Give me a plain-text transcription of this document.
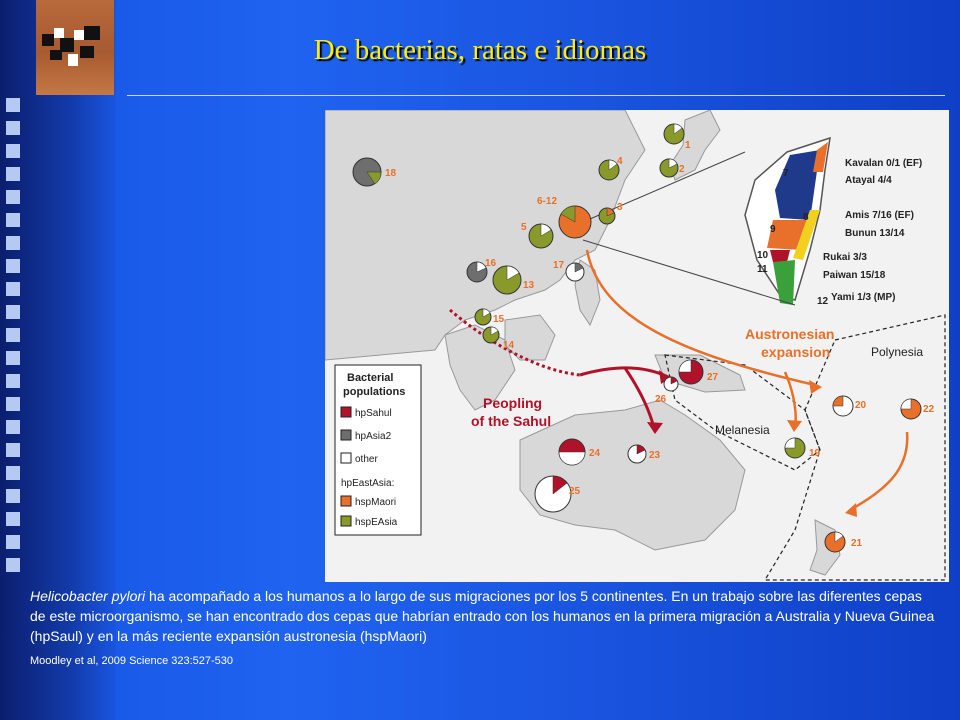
De bacterias, ratas e idiomas
Austronesian
expansion	Polynesia
Peopling
of the Sahul
Melanesia
6 Kavalan 0/1 (EF)
7
Atayal 4/4
8	Amis 7/16 (EF)
9	Bunun 13/14
10	Rukai 3/3
11
Paiwan 15/18
12 Yami 1/3 (MP)
Bacterial
populations
hpSahul
hpAsia2
other
hpEastAsia:
hspMaori
hspEAsia
1
2
3
4
5
6-12
13
14
15
16	17
18
19
20
21
22
23
24
25
26
27
Helicobacter pylori ha acompañado a los humanos a lo largo de sus migraciones por los 5 continentes. En un trabajo sobre las diferentes cepas de este microorganismo, se han encontrado dos cepas que habrían entrado con los humanos en la primera migración a Australia y Nueva Guinea (hpSaul) y en la más reciente expansión austronesia (hspMaori)
Moodley et al, 2009 Science 323:527-530
